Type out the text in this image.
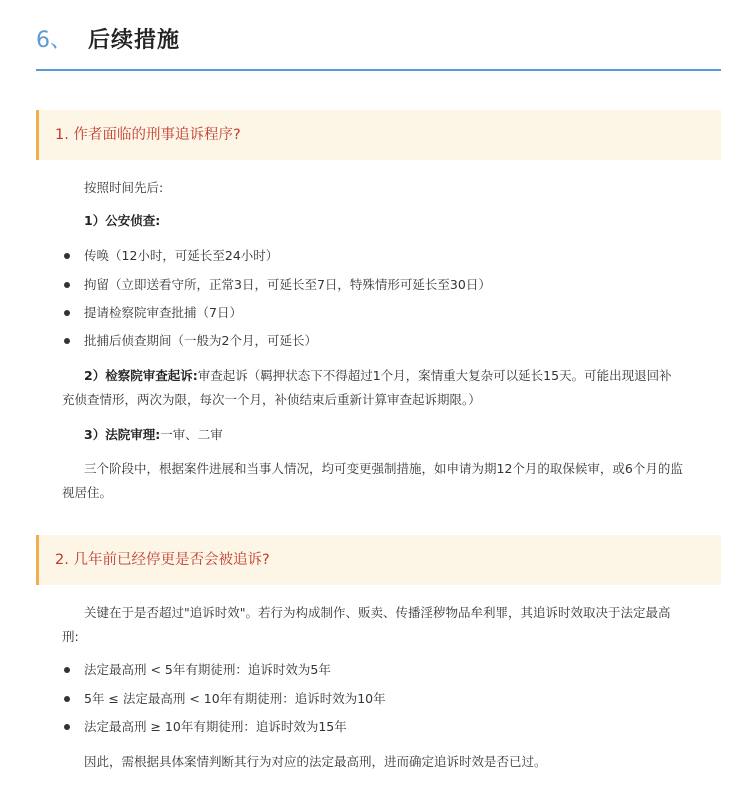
6、 后续措施
1. 作者面临的刑事追诉程序?
按照时间先后:
1）公安侦查:
传唤（12小时，可延长至24小时）
拘留（立即送看守所，正常3日，可延长至7日，特殊情形可延长至30日）
提请检察院审查批捕（7日）
批捕后侦查期间（一般为2个月，可延长）
2）检察院审查起诉:审查起诉（羁押状态下不得超过1个月，案情重大复杂可以延长15天。可能出现退回补
充侦查情形，两次为限，每次一个月，补侦结束后重新计算审查起诉期限。）
3）法院审理:一审、二审
三个阶段中，根据案件进展和当事人情况，均可变更强制措施，如申请为期12个月的取保候审，或6个月的监
视居住。
2. 几年前已经停更是否会被追诉?
关键在于是否超过"追诉时效"。若行为构成制作、贩卖、传播淫秽物品牟利罪，其追诉时效取决于法定最高
刑:
法定最高刑 < 5年有期徒刑：追诉时效为5年
5年 ≤ 法定最高刑 < 10年有期徒刑：追诉时效为10年
法定最高刑 ≥ 10年有期徒刑：追诉时效为15年
因此，需根据具体案情判断其行为对应的法定最高刑，进而确定追诉时效是否已过。
